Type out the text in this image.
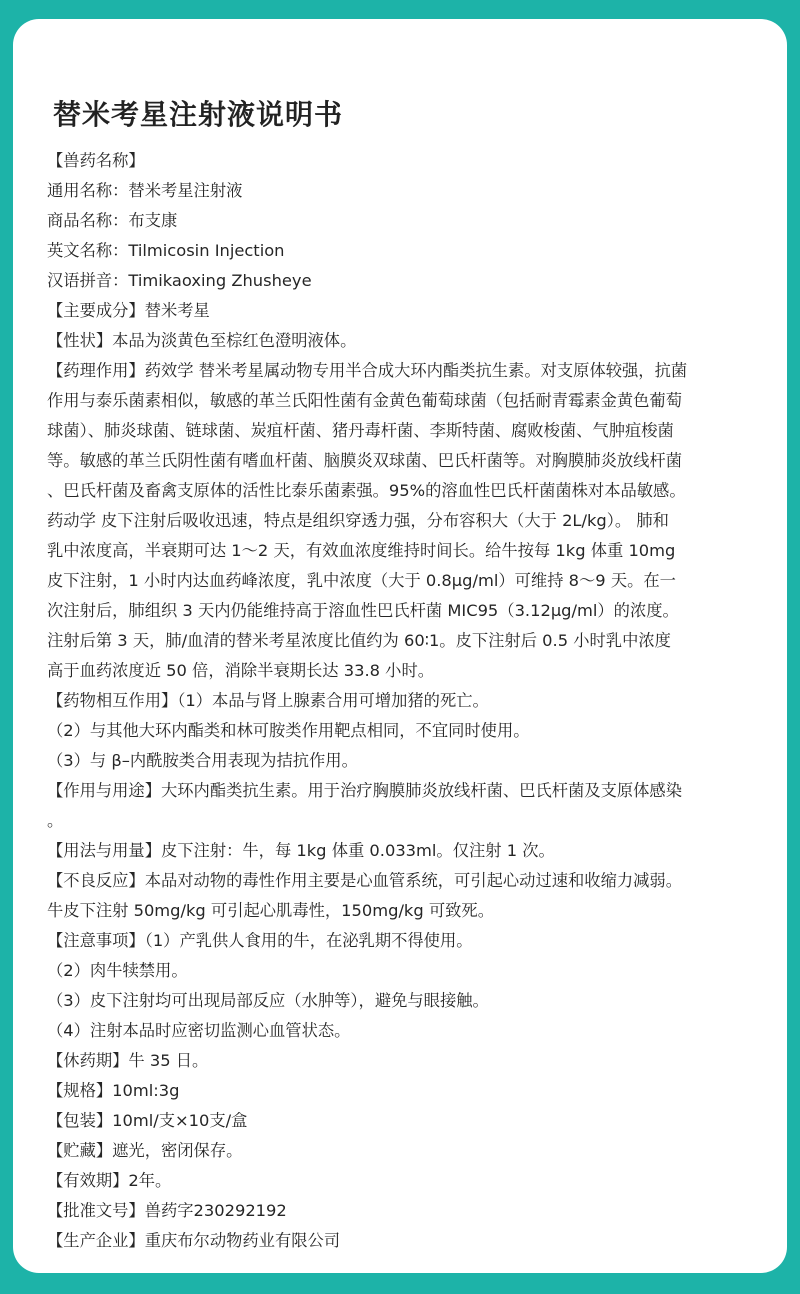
替米考星注射液说明书
【兽药名称】
通用名称：替米考星注射液
商品名称：布支康
英文名称：Tilmicosin Injection
汉语拼音：Timikaoxing Zhusheye
【主要成分】替米考星
【性状】本品为淡黄色至棕红色澄明液体。
【药理作用】药效学 替米考星属动物专用半合成大环内酯类抗生素。对支原体较强，抗菌
作用与泰乐菌素相似，敏感的革兰氏阳性菌有金黄色葡萄球菌（包括耐青霉素金黄色葡萄
球菌）、肺炎球菌、链球菌、炭疽杆菌、猪丹毒杆菌、李斯特菌、腐败梭菌、气肿疽梭菌
等。敏感的革兰氏阴性菌有嗜血杆菌、脑膜炎双球菌、巴氏杆菌等。对胸膜肺炎放线杆菌
、巴氏杆菌及畜禽支原体的活性比泰乐菌素强。95%的溶血性巴氏杆菌菌株对本品敏感。
药动学 皮下注射后吸收迅速，特点是组织穿透力强，分布容积大（大于 2L/kg）。 肺和
乳中浓度高，半衰期可达 1～2 天，有效血浓度维持时间长。给牛按每 1kg 体重 10mg
皮下注射，1 小时内达血药峰浓度，乳中浓度（大于 0.8μg/ml）可维持 8～9 天。在一
次注射后，肺组织 3 天内仍能维持高于溶血性巴氏杆菌 MIC95（3.12μg/ml）的浓度。
注射后第 3 天，肺/血清的替米考星浓度比值约为 60∶1。皮下注射后 0.5 小时乳中浓度
高于血药浓度近 50 倍，消除半衰期长达 33.8 小时。
【药物相互作用】（1）本品与肾上腺素合用可增加猪的死亡。
（2）与其他大环内酯类和林可胺类作用靶点相同，不宜同时使用。
（3）与 β–内酰胺类合用表现为拮抗作用。
【作用与用途】大环内酯类抗生素。用于治疗胸膜肺炎放线杆菌、巴氏杆菌及支原体感染
。
【用法与用量】皮下注射：牛，每 1kg 体重 0.033ml。仅注射 1 次。
【不良反应】本品对动物的毒性作用主要是心血管系统，可引起心动过速和收缩力减弱。
牛皮下注射 50mg/kg 可引起心肌毒性，150mg/kg 可致死。
【注意事项】（1）产乳供人食用的牛，在泌乳期不得使用。
（2）肉牛犊禁用。
（3）皮下注射均可出现局部反应（水肿等），避免与眼接触。
（4）注射本品时应密切监测心血管状态。
【休药期】牛 35 日。
【规格】10ml:3g
【包装】10ml/支×10支/盒
【贮藏】遮光，密闭保存。
【有效期】2年。
【批准文号】兽药字230292192
【生产企业】重庆布尔动物药业有限公司
